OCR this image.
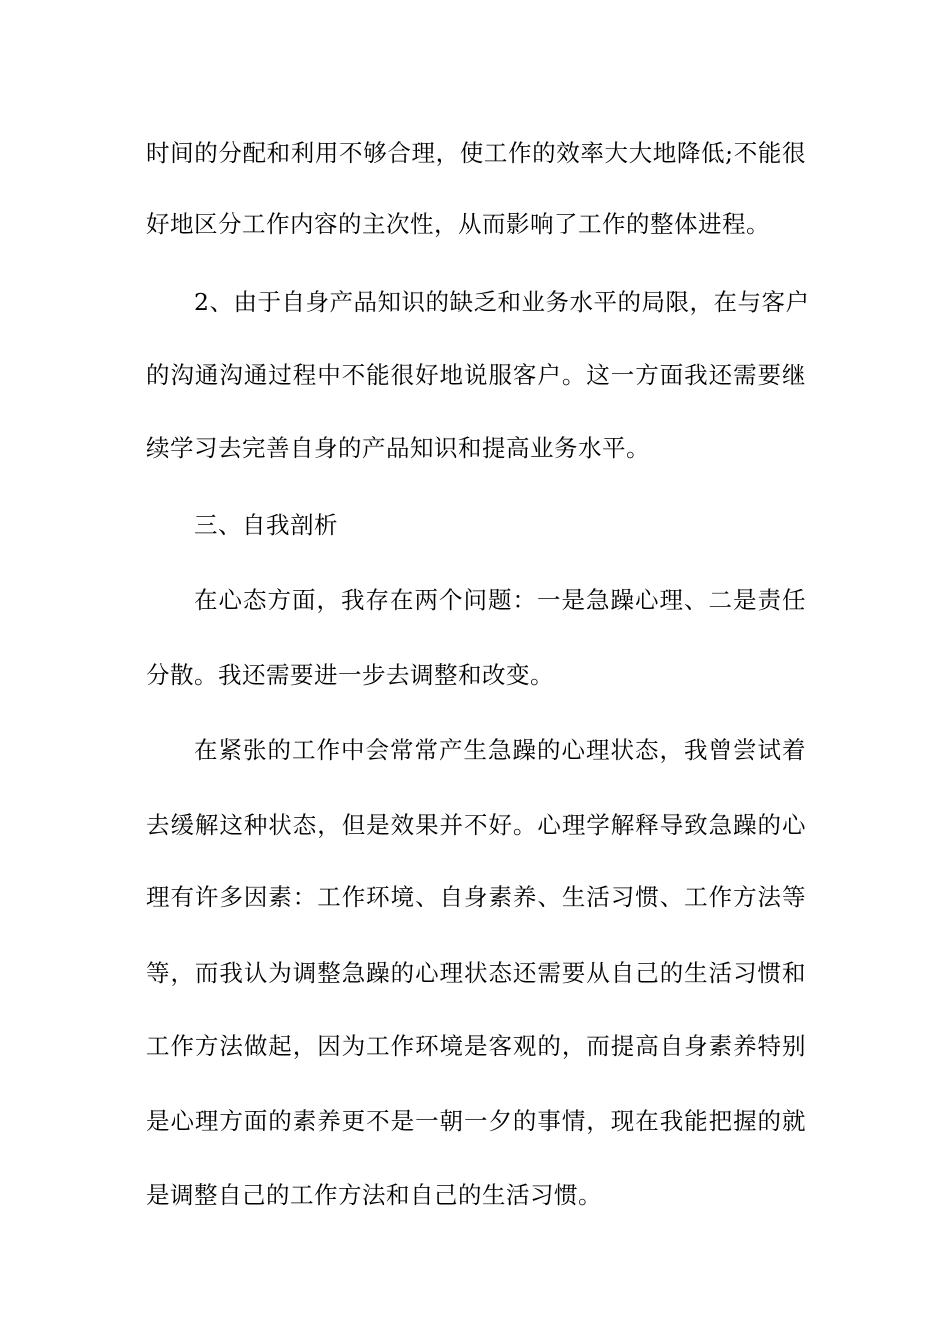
时间的分配和利用不够合理，使工作的效率大大地降低;不能很
好地区分工作内容的主次性，从而影响了工作的整体进程。
2、由于自身产品知识的缺乏和业务水平的局限，在与客户
的沟通沟通过程中不能很好地说服客户。这一方面我还需要继
续学习去完善自身的产品知识和提高业务水平。
三、自我剖析
在心态方面，我存在两个问题：一是急躁心理、二是责任
分散。我还需要进一步去调整和改变。
在紧张的工作中会常常产生急躁的心理状态，我曾尝试着
去缓解这种状态，但是效果并不好。心理学解释导致急躁的心
理有许多因素：工作环境、自身素养、生活习惯、工作方法等
等，而我认为调整急躁的心理状态还需要从自己的生活习惯和
工作方法做起，因为工作环境是客观的，而提高自身素养特别
是心理方面的素养更不是一朝一夕的事情，现在我能把握的就
是调整自己的工作方法和自己的生活习惯。
